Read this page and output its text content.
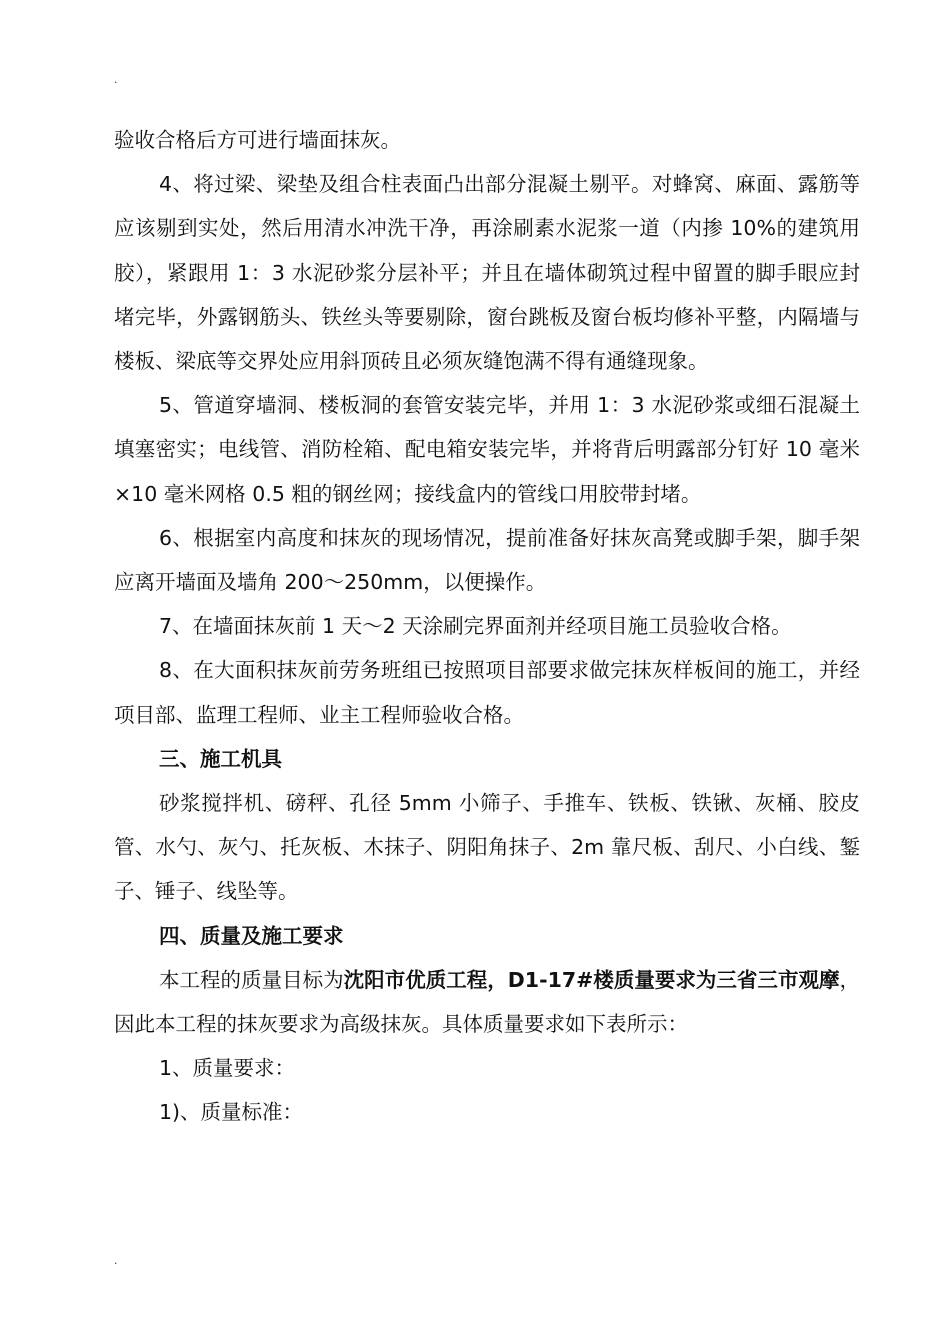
.

验收合格后方可进行墙面抹灰。

4、将过梁、梁垫及组合柱表面凸出部分混凝土剔平。对蜂窝、麻面、露筋等应该剔到实处，然后用清水冲洗干净，再涂刷素水泥浆一道（内掺 10%的建筑用胶），紧跟用 1：3 水泥砂浆分层补平；并且在墙体砌筑过程中留置的脚手眼应封堵完毕，外露钢筋头、铁丝头等要剔除，窗台跳板及窗台板均修补平整，内隔墙与楼板、梁底等交界处应用斜顶砖且必须灰缝饱满不得有通缝现象。

5、管道穿墙洞、楼板洞的套管安装完毕，并用 1：3 水泥砂浆或细石混凝土填塞密实；电线管、消防栓箱、配电箱安装完毕，并将背后明露部分钉好 10 毫米×10 毫米网格 0.5 粗的钢丝网；接线盒内的管线口用胶带封堵。

6、根据室内高度和抹灰的现场情况，提前准备好抹灰高凳或脚手架，脚手架应离开墙面及墙角 200～250mm，以便操作。

7、在墙面抹灰前 1 天～2 天涂刷完界面剂并经项目施工员验收合格。

8、在大面积抹灰前劳务班组已按照项目部要求做完抹灰样板间的施工，并经项目部、监理工程师、业主工程师验收合格。

三、施工机具

砂浆搅拌机、磅秤、孔径 5mm 小筛子、手推车、铁板、铁锹、灰桶、胶皮管、水勺、灰勺、托灰板、木抹子、阴阳角抹子、2m 靠尺板、刮尺、小白线、錾子、锤子、线坠等。

四、质量及施工要求

本工程的质量目标为沈阳市优质工程，D1-17#楼质量要求为三省三市观摩，因此本工程的抹灰要求为高级抹灰。具体质量要求如下表所示：

1、质量要求：

1)、质量标准：

.
